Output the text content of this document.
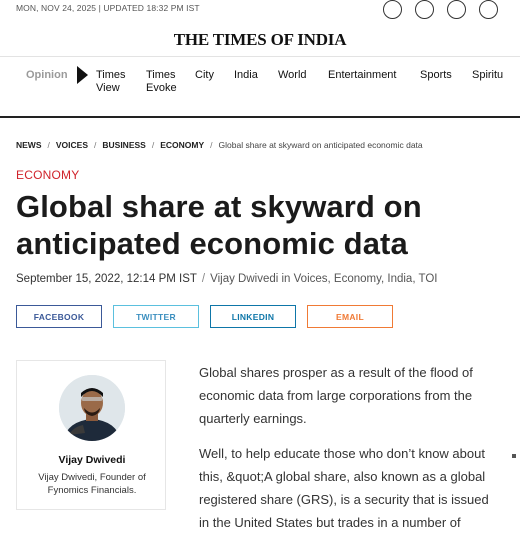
MON, NOV 24, 2025 | UPDATED 18:32 PM IST
THE TIMES OF INDIA
Opinion	Times View
Times Evoke
City India World Entertainment Sports Spiritu
NEWS / VOICES / BUSINESS / ECONOMY / Global share at skyward on anticipated economic data
ECONOMY
Global share at skyward on anticipated economic data
September 15, 2022, 12:14 PM IST / Vijay Dwivedi in Voices, Economy, India, TOI
FACEBOOK	TWITTER	LINKEDIN	EMAIL
Vijay Dwivedi
Vijay Dwivedi, Founder of Fynomics Financials.

Global shares prosper as a result of the flood of economic data from large corporations from the quarterly earnings.

Well, to help educate those who don’t know about this, &quot;A global share, also known as a global registered share (GRS), is a security that is issued in the United States but trades in a number of
